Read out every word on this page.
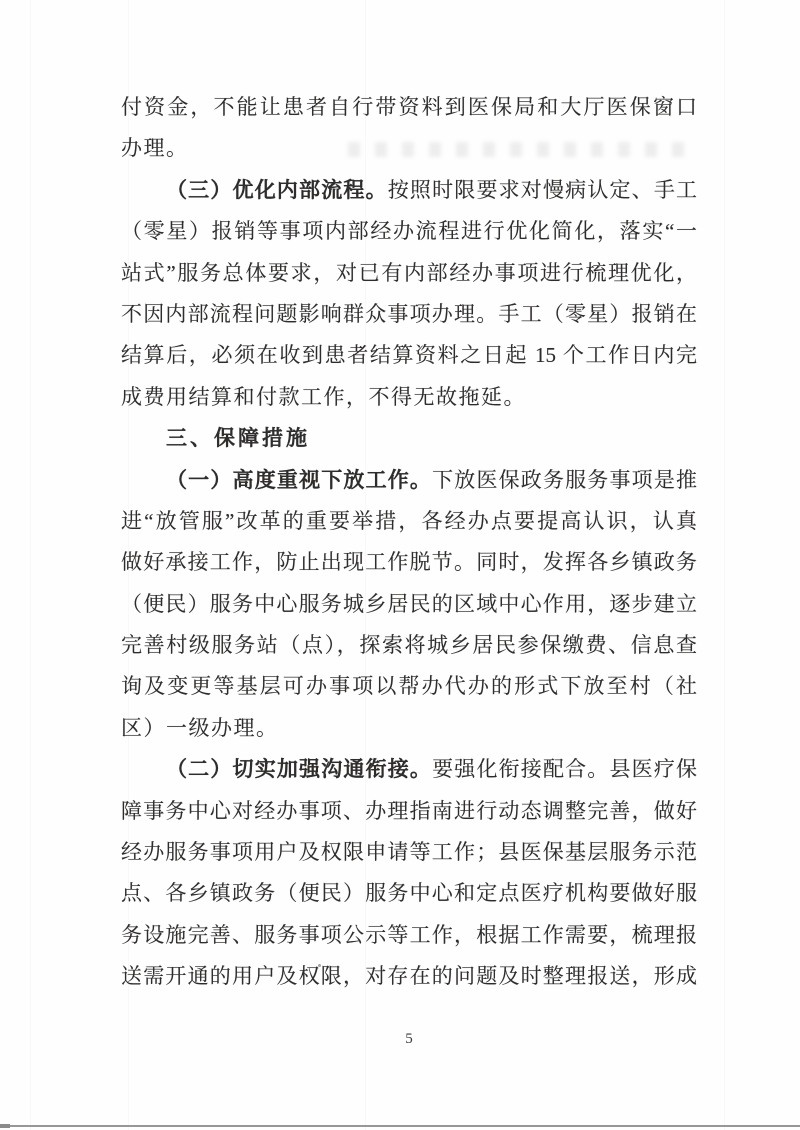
付资金，不能让患者自行带资料到医保局和大厅医保窗口
办理。
（三）优化内部流程。按照时限要求对慢病认定、手工
（零星）报销等事项内部经办流程进行优化简化，落实“一
站式”服务总体要求，对已有内部经办事项进行梳理优化，
不因内部流程问题影响群众事项办理。手工（零星）报销在
结算后，必须在收到患者结算资料之日起 15 个工作日内完
成费用结算和付款工作，不得无故拖延。
三、保障措施
（一）高度重视下放工作。下放医保政务服务事项是推
进“放管服”改革的重要举措，各经办点要提高认识，认真
做好承接工作，防止出现工作脱节。同时，发挥各乡镇政务
（便民）服务中心服务城乡居民的区域中心作用，逐步建立
完善村级服务站（点），探索将城乡居民参保缴费、信息查
询及变更等基层可办事项以帮办代办的形式下放至村（社
区）一级办理。
（二）切实加强沟通衔接。要强化衔接配合。县医疗保
障事务中心对经办事项、办理指南进行动态调整完善，做好
经办服务事项用户及权限申请等工作；县医保基层服务示范
点、各乡镇政务（便民）服务中心和定点医疗机构要做好服
务设施完善、服务事项公示等工作，根据工作需要，梳理报
送需开通的用户及权限，对存在的问题及时整理报送，形成
5
